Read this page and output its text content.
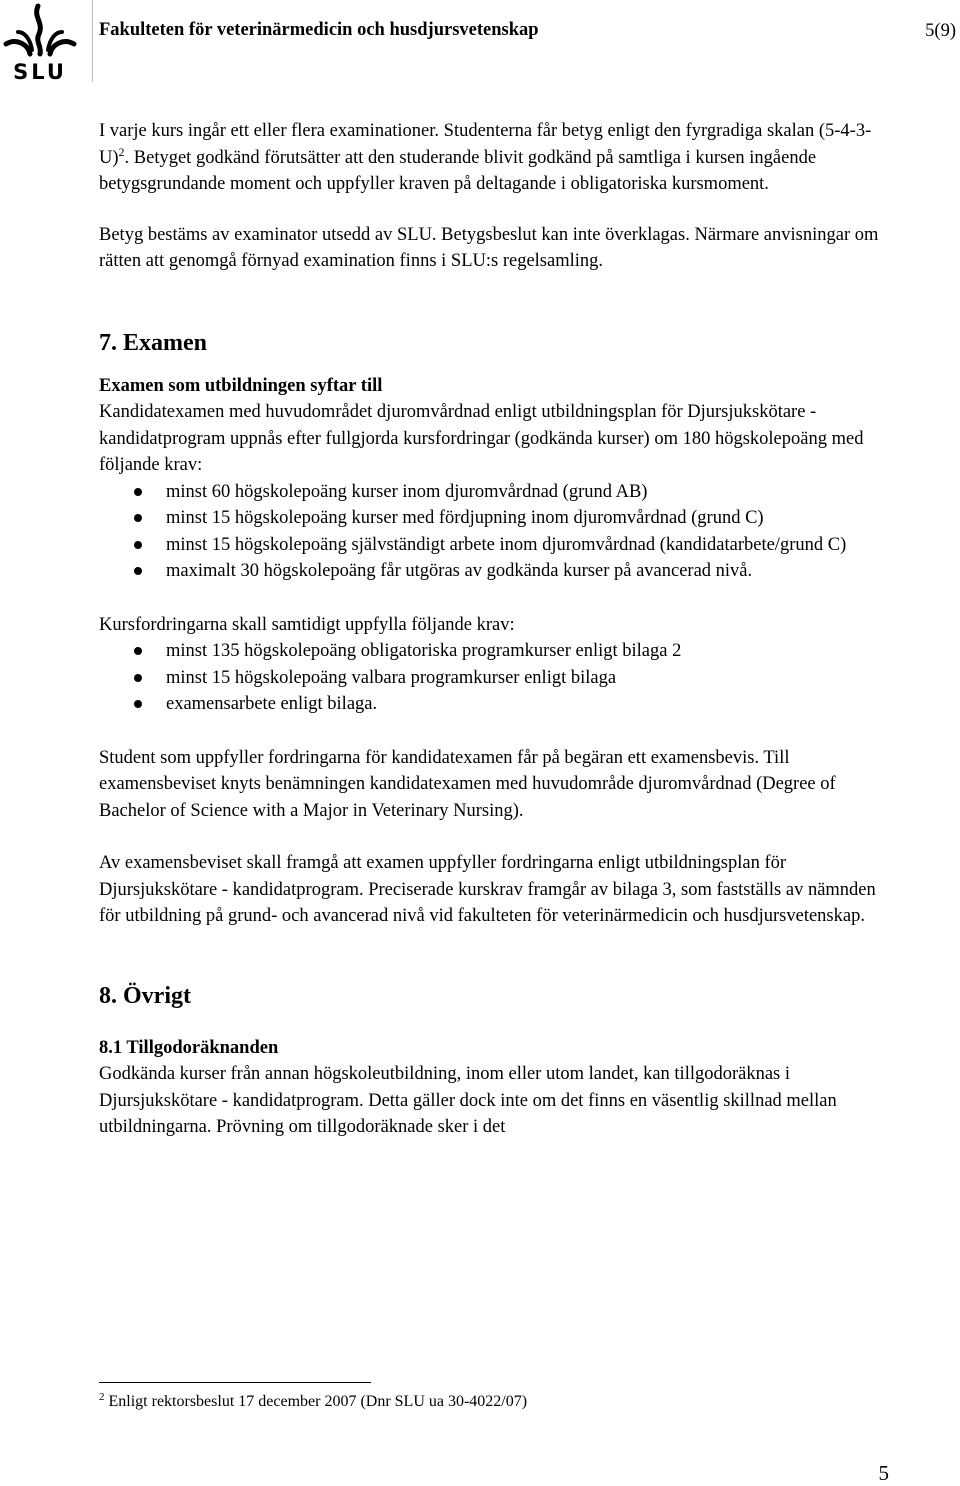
SLU
Fakulteten för veterinärmedicin och husdjursvetenskap	5(9)

I varje kurs ingår ett eller flera examinationer. Studenterna får betyg enligt den fyrgradiga skalan $(5-4-3-U)^2$. Betyget godkänd förutsätter att den studerande blivit godkänd på samtliga i kursen ingående betygsgrundande moment och uppfyller kraven på deltagande i obligatoriska kursmoment.

Betyg bestäms av examinator utsedd av SLU. Betygsbeslut kan inte överklagas. Närmare anvisningar om rätten att genomgå förnyad examination finns i SLU:s regelsamling.

7. Examen
Examen som utbildningen syftar till

Kandidatexamen med huvudområdet djuromvårdnad enligt utbildningsplan för Djursjukskötare - kandidatprogram uppnås efter fullgjorda kursfordringar (godkända kurser) om 180 högskolepoäng med följande krav:

minst 60 högskolepoäng kurser inom djuromvårdnad (grund AB)
minst 15 högskolepoäng kurser med fördjupning inom djuromvårdnad (grund C)
minst 15 högskolepoäng självständigt arbete inom djuromvårdnad (kandidatarbete/grund C)
maximalt 30 högskolepoäng får utgöras av godkända kurser på avancerad nivå.

Kursfordringarna skall samtidigt uppfylla följande krav:

minst 135 högskolepoäng obligatoriska programkurser enligt bilaga 2
minst 15 högskolepoäng valbara programkurser enligt bilaga
examensarbete enligt bilaga.

Student som uppfyller fordringarna för kandidatexamen får på begäran ett examensbevis. Till examensbeviset knyts benämningen kandidatexamen med huvudområde djuromvårdnad (Degree of Bachelor of Science with a Major in Veterinary Nursing).

Av examensbeviset skall framgå att examen uppfyller fordringarna enligt utbildningsplan för Djursjukskötare - kandidatprogram. Preciserade kurskrav framgår av bilaga 3, som fastställs av nämnden för utbildning på grund- och avancerad nivå vid fakulteten för veterinärmedicin och husdjursvetenskap.

8. Övrigt
8.1 Tillgodoräknanden

Godkända kurser från annan högskoleutbildning, inom eller utom landet, kan tillgodoräknas i Djursjukskötare - kandidatprogram. Detta gäller dock inte om det finns en väsentlig skillnad mellan utbildningarna. Prövning om tillgodoräknade sker i det

$^2$ Enligt rektorsbeslut 17 december 2007 (Dnr SLU ua 30-4022/07)
5
